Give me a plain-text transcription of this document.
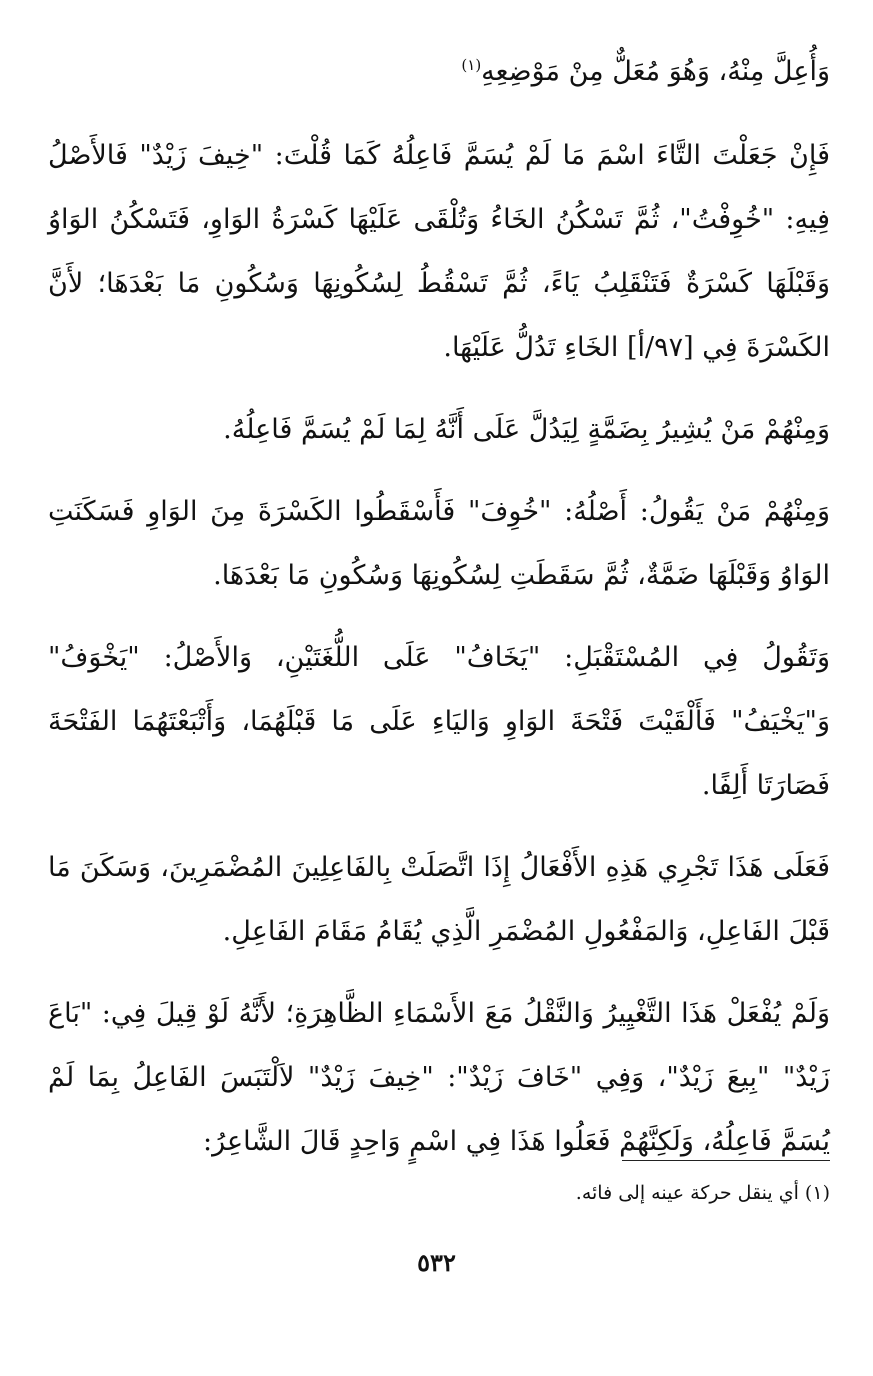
وَأُعِلَّ مِنْهُ، وَهُوَ مُعَلٌّ مِنْ مَوْضِعِهِ$^{(١)}$

فَإِنْ جَعَلْتَ التَّاءَ اسْمَ مَا لَمْ يُسَمَّ فَاعِلُهُ كَمَا قُلْتَ: "خِيفَ زَيْدٌ" فَالأَصْلُ فِيهِ: "خُوِفْتُ"، ثُمَّ تَسْكُنُ الخَاءُ وَتُلْقَى عَلَيْهَا كَسْرَةُ الوَاوِ، فَتَسْكُنُ الوَاوُ وَقَبْلَهَا كَسْرَةٌ فَتَنْقَلِبُ يَاءً، ثُمَّ تَسْقُطُ لِسُكُونِهَا وَسُكُونِ مَا بَعْدَهَا؛ لأَنَّ الكَسْرَةَ فِي [٩٧/أ] الخَاءِ تَدُلُّ عَلَيْهَا.

وَمِنْهُمْ مَنْ يُشِيرُ بِضَمَّةٍ لِيَدُلَّ عَلَى أَنَّهُ لِمَا لَمْ يُسَمَّ فَاعِلُهُ.

وَمِنْهُمْ مَنْ يَقُولُ: أَصْلُهُ: "خُوِفَ" فَأَسْقَطُوا الكَسْرَةَ مِنَ الوَاوِ فَسَكَنَتِ الوَاوُ وَقَبْلَهَا ضَمَّةٌ، ثُمَّ سَقَطَتِ لِسُكُونِهَا وَسُكُونِ مَا بَعْدَهَا.

وَتَقُولُ فِي المُسْتَقْبَلِ: "يَخَافُ" عَلَى اللُّغَتَيْنِ، وَالأَصْلُ: "يَخْوَفُ" وَ"يَخْيَفُ" فَأَلْقَيْتَ فَتْحَةَ الوَاوِ وَاليَاءِ عَلَى مَا قَبْلَهُمَا، وَأَتْبَعْتَهُمَا الفَتْحَةَ فَصَارَتَا أَلِفًا.

فَعَلَى هَذَا تَجْرِي هَذِهِ الأَفْعَالُ إِذَا اتَّصَلَتْ بِالفَاعِلِينَ المُضْمَرِينَ، وَسَكَنَ مَا قَبْلَ الفَاعِلِ، وَالمَفْعُولِ المُضْمَرِ الَّذِي يُقَامُ مَقَامَ الفَاعِلِ.

وَلَمْ يُفْعَلْ هَذَا التَّغْيِيرُ وَالنَّقْلُ مَعَ الأَسْمَاءِ الظَّاهِرَةِ؛ لأَنَّهُ لَوْ قِيلَ فِي: "بَاعَ زَيْدٌ" "بِيعَ زَيْدٌ"، وَفِي "خَافَ زَيْدٌ": "خِيفَ زَيْدٌ" لاَلْتَبَسَ الفَاعِلُ بِمَا لَمْ يُسَمَّ فَاعِلُهُ، وَلَكِنَّهُمْ فَعَلُوا هَذَا فِي اسْمٍ وَاحِدٍ قَالَ الشَّاعِرُ:

(١) أي ينقل حركة عينه إلى فائه.
٥٣٢
